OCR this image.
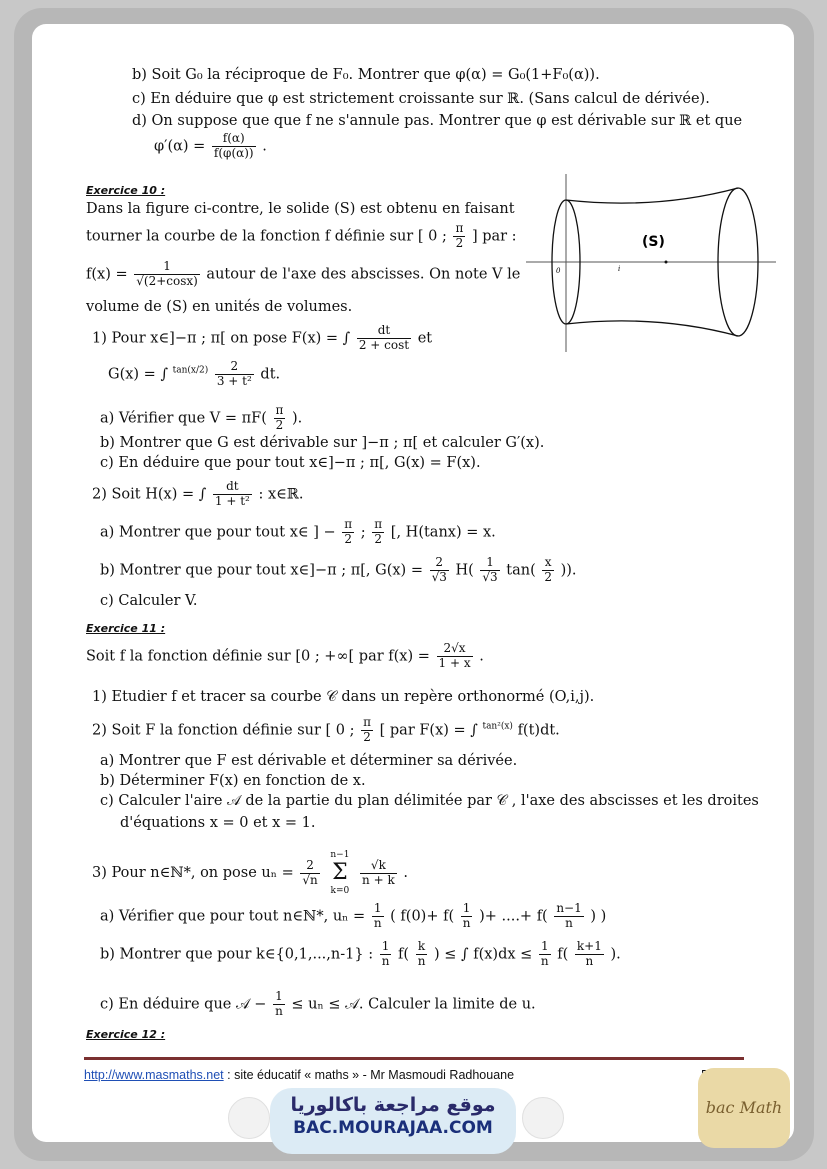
b) Soit G₀ la réciproque de F₀. Montrer que φ(α) = G₀(1+F₀(α)).
c) En déduire que φ est strictement croissante sur ℝ. (Sans calcul de dérivée).
d) On suppose que que f ne s'annule pas. Montrer que φ est dérivable sur ℝ et que
$\varphi'(\alpha) = \frac{f(\alpha)}{f(\varphi(\alpha))}$ .
Exercice 10 :
Dans la figure ci-contre, le solide (S) est obtenu en faisant
tourner la courbe de la fonction f définie sur [ 0 ; $\frac{\pi}{2}$ ] par :
$f(x) = \frac{1}{√(2+\cos x)}$ autour de l'axe des abscisses. On note V le
volume de (S) en unités de volumes.
1) Pour x∈]−π ; π[ on pose F(x) = ∫ $\frac{dt}{2 + \cos t}$ et
G(x) = ∫ $^{tan(x/2)} \frac{2}{\text{3 + t²}}$ dt.
a) Vérifier que $V = \pi F( \frac{\pi}{2}$ ).
b) Montrer que G est dérivable sur ]−π ; π[ et calculer G′(x).
c) En déduire que pour tout x∈]−π ; π[, G(x) = F(x).
2) Soit H(x) = ∫ $\frac{dt}{\text{1 + t²}}$ : x∈ℝ.
a) Montrer que pour tout x∈ ] − $\frac{\pi}{2}$ ; $\frac{\pi}{2}$ [, H(tanx) = x.
b) Montrer que pour tout x∈]−π ; π[, $G(x) = \frac{2}{√3} H( \frac{1}{√3} \tan( \frac{x}{2}$ )).
c) Calculer V.
Exercice 11 :
Soit f la fonction définie sur [0 ; +∞[ par $f(x) = \frac{2√x}{1 + x}$ .
1) Etudier f et tracer sa courbe 𝒞 dans un repère orthonormé (O,i,j).
2) Soit F la fonction définie sur [ 0 ; $\frac{\pi}{2}$ [ par F(x) = ∫ $^{tan^2(x)}$ f(t)dt.
a) Montrer que F est dérivable et déterminer sa dérivée.
b) Déterminer F(x) en fonction de x.
c) Calculer l'aire 𝒜 de la partie du plan délimitée par 𝒞 , l'axe des abscisses et les droites
d'équations x = 0 et x = 1.
3) Pour n∈ℕ*, on pose $u_n = \frac{2}{√n}$

n−1
Σ
k=0

$\frac{√k}{n + k}$ .
a) Vérifier que pour tout n∈ℕ*, $u_n = \frac{1}{n}$ ( $f(0)+ f( \frac{1}{n}$ )+ ....+ $f( \frac{n-1}{n}$ ) )
b) Montrer que pour k∈{0,1,...,n-1} : $\frac{1}{n} f( \frac{k}{n}$ ) ≤ ∫ $f(x)dx \le \frac{1}{n} f( \frac{k+1}{n}$ ).
c) En déduire que 𝒜 − $\frac{1}{n} \le u_n$ ≤ 𝒜. Calculer la limite de u.
Exercice 12 :
(S)
0	i
http://www.masmaths.net : site éducatif « maths » - Mr Masmoudi Radhouane
موقع مراجعة باكالوريا
BAC.MOURAJAA.COM
bac Math
